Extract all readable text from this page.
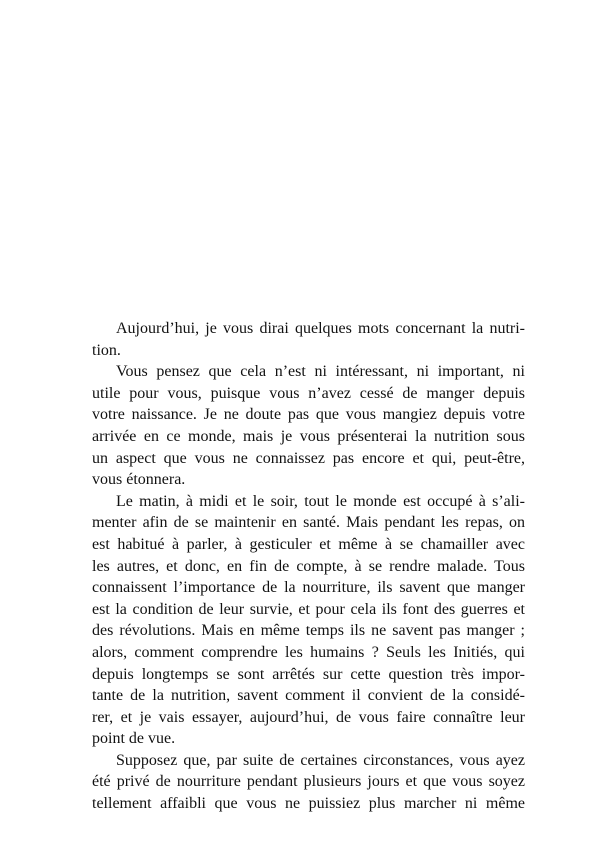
Aujourd’hui, je vous dirai quelques mots concernant la nutri-
tion.

Vous pensez que cela n’est ni intéressant, ni important, ni
utile pour vous, puisque vous n’avez cessé de manger depuis
votre naissance. Je ne doute pas que vous mangiez depuis votre
arrivée en ce monde, mais je vous présenterai la nutrition sous
un aspect que vous ne connaissez pas encore et qui, peut-être,
vous étonnera.

Le matin, à midi et le soir, tout le monde est occupé à s’ali-
menter afin de se maintenir en santé. Mais pendant les repas, on
est habitué à parler, à gesticuler et même à se chamailler avec
les autres, et donc, en fin de compte, à se rendre malade. Tous
connaissent l’importance de la nourriture, ils savent que manger
est la condition de leur survie, et pour cela ils font des guerres et
des révolutions. Mais en même temps ils ne savent pas manger ;
alors, comment comprendre les humains ? Seuls les Initiés, qui
depuis longtemps se sont arrêtés sur cette question très impor-
tante de la nutrition, savent comment il convient de la considé-
rer, et je vais essayer, aujourd’hui, de vous faire connaître leur
point de vue.

Supposez que, par suite de certaines circonstances, vous ayez
été privé de nourriture pendant plusieurs jours et que vous soyez
tellement affaibli que vous ne puissiez plus marcher ni même
